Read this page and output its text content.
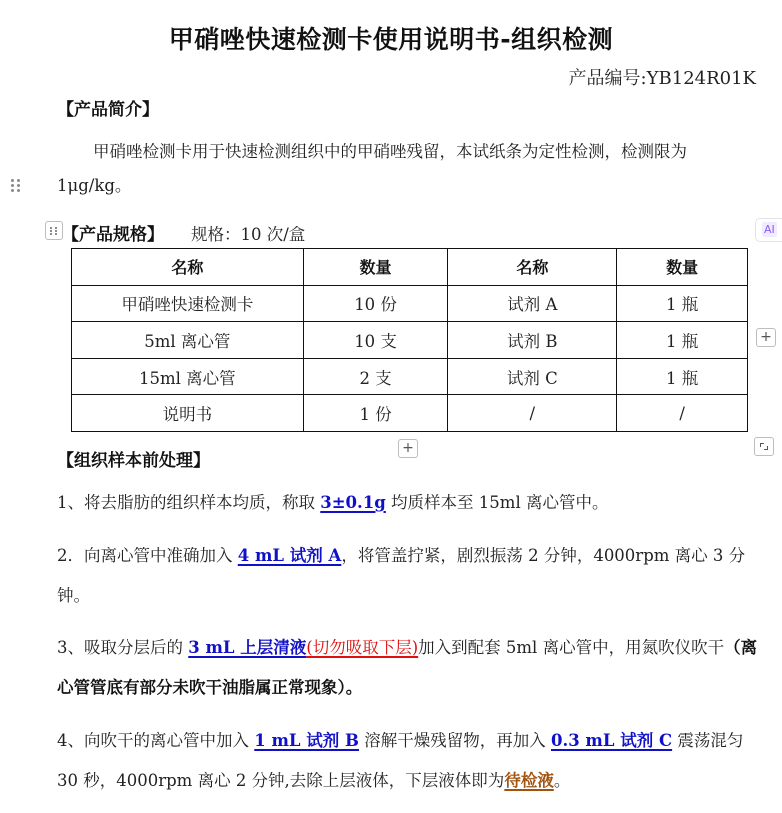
甲硝唑快速检测卡使用说明书-组织检测
产品编号:YB124R01K
【产品简介】
甲硝唑检测卡用于快速检测组织中的甲硝唑残留，本试纸条为定性检测，检测限为
1μg/kg。
【产品规格】 规格：10 次/盒	AI
名称	数量	名称	数量
甲硝唑快速检测卡	10 份	试剂 A	1 瓶
5ml 离心管	10 支	试剂 B	1 瓶
15ml 离心管	2 支	试剂 C	1 瓶
说明书	1 份	/	/
+
+
【组织样本前处理】
1、将去脂肪的组织样本均质，称取 3±0.1g 均质样本至 15ml 离心管中。
2．向离心管中准确加入 4 mL 试剂 A，将管盖拧紧，剧烈振荡 2 分钟，4000rpm 离心 3 分
钟。
3、吸取分层后的 3 mL 上层清液(切勿吸取下层)加入到配套 5ml 离心管中，用氮吹仪吹干（离
心管管底有部分未吹干油脂属正常现象）。
4、向吹干的离心管中加入 1 mL 试剂 B 溶解干燥残留物，再加入 0.3 mL 试剂 C 震荡混匀
30 秒，4000rpm 离心 2 分钟,去除上层液体，下层液体即为待检液。
